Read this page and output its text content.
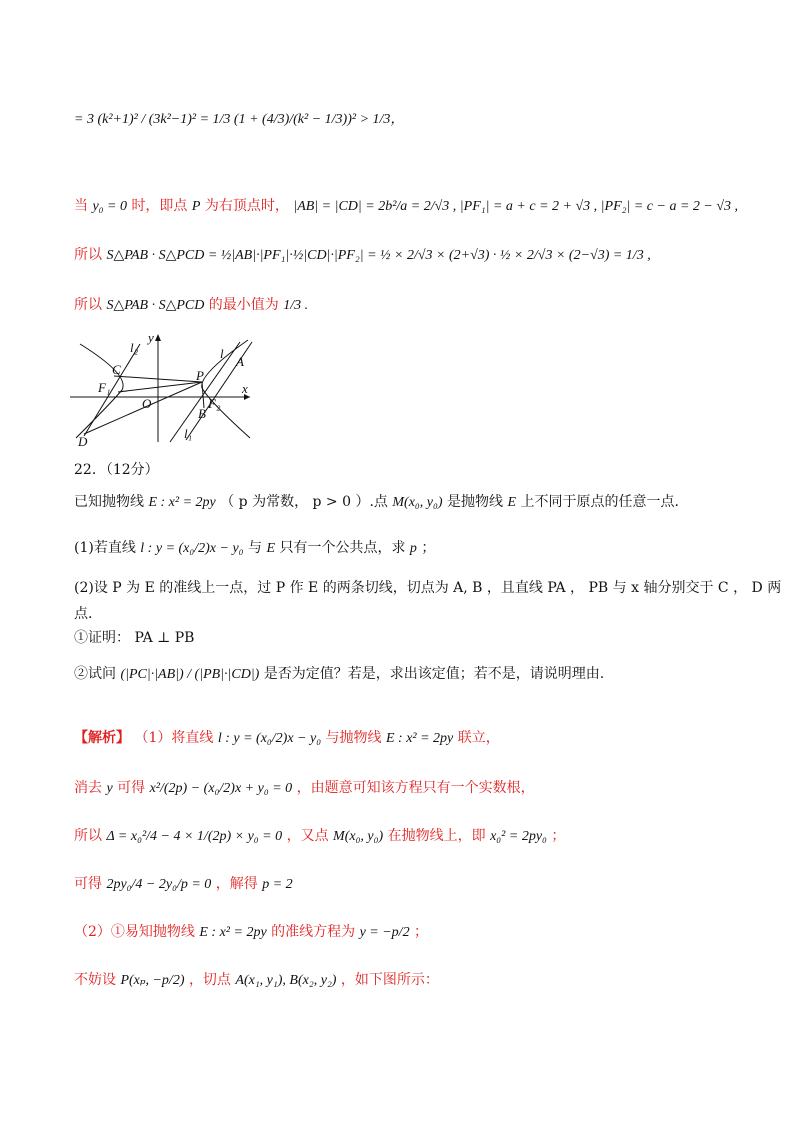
= 3 (k²+1)² / (3k²−1)² = 1/3 (1 + (4/3)/(k² − 1/3))² > 1/3，
当 y₀ = 0 时，即点 P 为右顶点时， |AB| = |CD| = 2b²/a = 2/√3 , |PF₁| = a + c = 2 + √3 , |PF₂| = c − a = 2 − √3 ,
所以 S△PAB · S△PCD = ½|AB|·|PF₁|·½|CD|·|PF₂| = ½ × 2/√3 × (2+√3) · ½ × 2/√3 × (2−√3) = 1/3 ,
所以 S△PAB · S△PCD 的最小值为 1/3 .
y
x
O
P
A
B
C
D
F₁
F₂
l
l₁
l₂
22．（12分）
已知抛物线 E : x² = 2py （ p 为常数， p > 0 ）.点 M(x₀, y₀) 是抛物线 E 上不同于原点的任意一点.
(1)若直线 l : y = (x₀/2)x − y₀ 与 E 只有一个公共点，求 p ；
(2)设 P 为 E 的准线上一点，过 P 作 E 的两条切线，切点为 A, B ，且直线 PA ， PB 与 x 轴分别交于 C ， D 两
点.
①证明： PA ⊥ PB
②试问 (|PC|·|AB|) / (|PB|·|CD|) 是否为定值？若是，求出该定值；若不是，请说明理由.
【解析】 （1）将直线 l : y = (x₀/2)x − y₀ 与抛物线 E : x² = 2py 联立，
消去 y 可得 x²/(2p) − (x₀/2)x + y₀ = 0 ，由题意可知该方程只有一个实数根，
所以 Δ = x₀²/4 − 4 × 1/(2p) × y₀ = 0 ，又点 M(x₀, y₀) 在抛物线上，即 x₀² = 2py₀ ；
可得 2py₀/4 − 2y₀/p = 0 ，解得 p = 2
（2）①易知抛物线 E : x² = 2py 的准线方程为 y = −p/2 ；
不妨设 P(xₚ, −p/2) ，切点 A(x₁, y₁), B(x₂, y₂) ，如下图所示：
